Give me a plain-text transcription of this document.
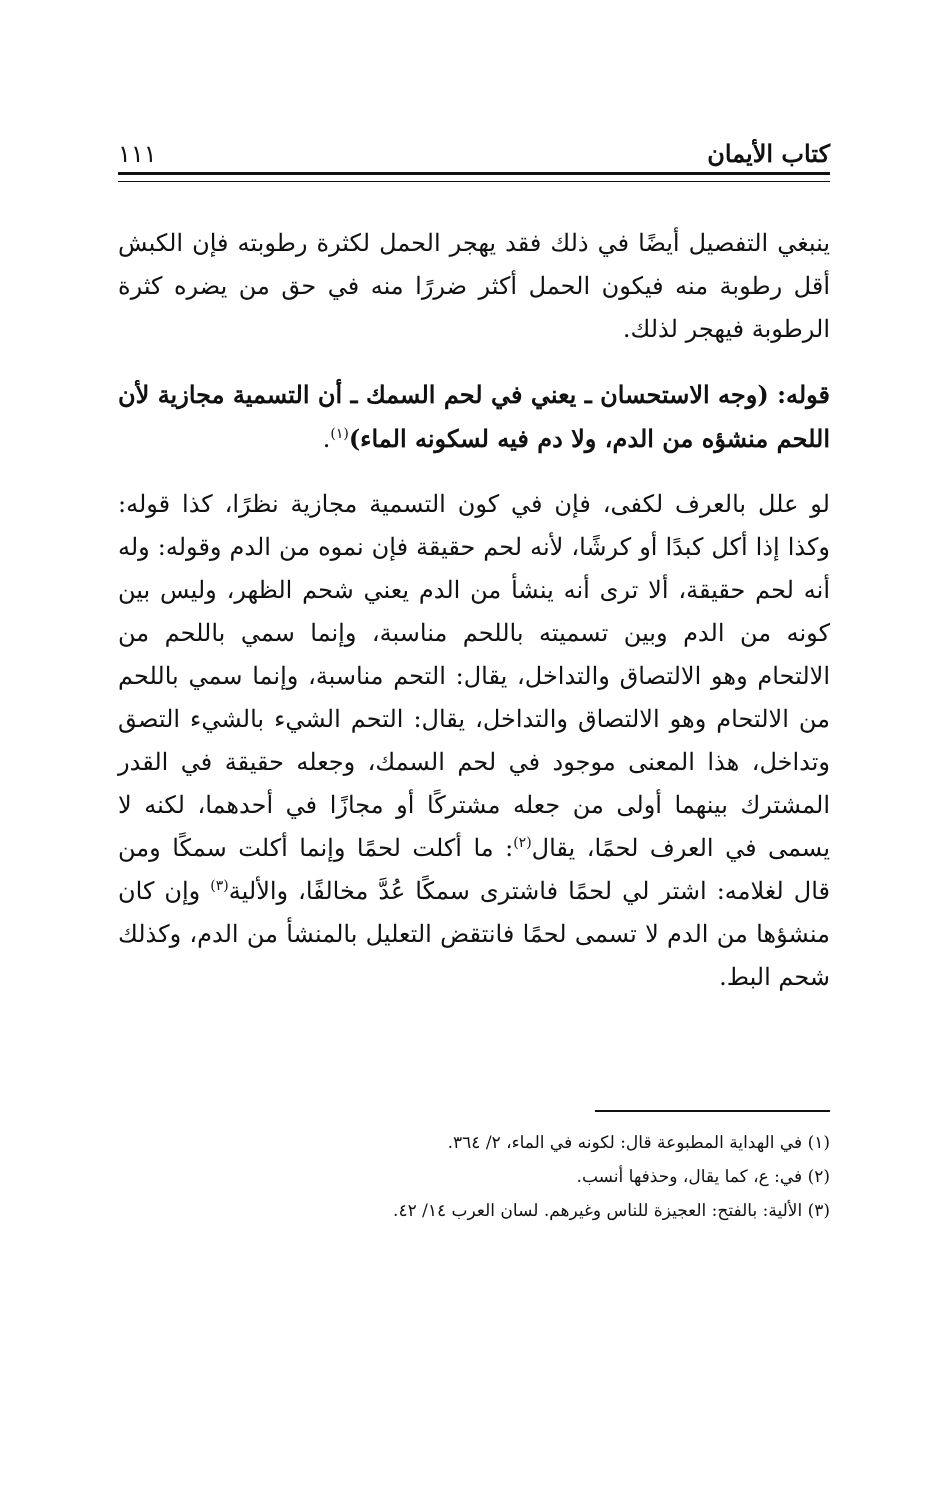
كتاب الأيمان
١١١

ينبغي التفصيل أيضًا في ذلك فقد يهجر الحمل لكثرة رطوبته فإن الكبش أقل رطوبة منه فيكون الحمل أكثر ضررًا منه في حق من يضره كثرة الرطوبة فيهجر لذلك.

قوله: (وجه الاستحسان ـ يعني في لحم السمك ـ أن التسمية مجازية لأن اللحم منشؤه من الدم، ولا دم فيه لسكونه الماء)$^{(١)}$.

لو علل بالعرف لكفى، فإن في كون التسمية مجازية نظرًا، كذا قوله: وكذا إذا أكل كبدًا أو كرشًا، لأنه لحم حقيقة فإن نموه من الدم وقوله: وله أنه لحم حقيقة، ألا ترى أنه ينشأ من الدم يعني شحم الظهر، وليس بين كونه من الدم وبين تسميته باللحم مناسبة، وإنما سمي باللحم من الالتحام وهو الالتصاق والتداخل، يقال: التحم مناسبة، وإنما سمي باللحم من الالتحام وهو الالتصاق والتداخل، يقال: التحم الشيء بالشيء التصق وتداخل، هذا المعنى موجود في لحم السمك، وجعله حقيقة في القدر المشترك بينهما أولى من جعله مشتركًا أو مجازًا في أحدهما، لكنه لا يسمى في العرف لحمًا، يقال$^{(٢)}$: ما أكلت لحمًا وإنما أكلت سمكًا ومن قال لغلامه: اشتر لي لحمًا فاشترى سمكًا عُدَّ مخالفًا، والألية$^{(٣)}$ وإن كان منشؤها من الدم لا تسمى لحمًا فانتقض التعليل بالمنشأ من الدم، وكذلك شحم البط.

(١) في الهداية المطبوعة قال: لكونه في الماء، ٢/ ٣٦٤.
(٢) في: ع، كما يقال، وحذفها أنسب.
(٣) الألية: بالفتح: العجيزة للناس وغيرهم. لسان العرب ١٤/ ٤٢.
